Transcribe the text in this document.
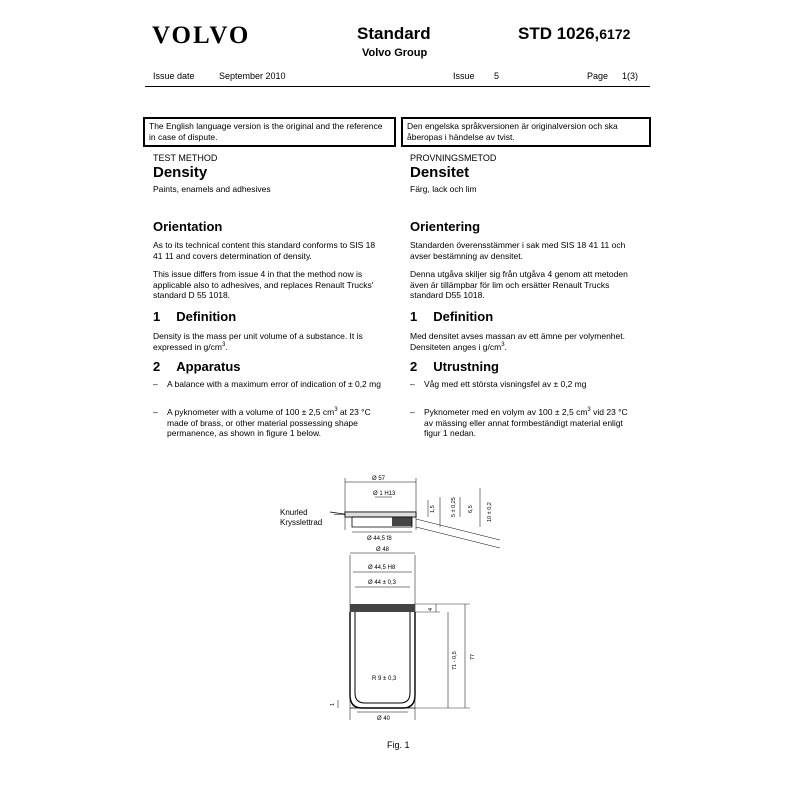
VOLVO	Standard
Volvo Group
STD 1026,6172
Issue date	September 2010	Issue 5	Page 1(3)
The English language version is the original and the reference in case of dispute.
Den engelska språkversionen är originalversion och ska åberopas i händelse av tvist.
TEST METHOD
Density
Paints, enamels and adhesives
Orientation

As to its technical content this standard conforms to SIS 18 41 11 and covers determination of density.

This issue differs from issue 4 in that the method now is applicable also to adhesives, and replaces Renault Trucks' standard D 55 1018.

1 Definition

Density is the mass per unit volume of a substance. It is expressed in $g/cm^3$.

2 Apparatus
– A balance with a maximum error of indication of ± 0,2 mg
– A pyknometer with a volume of 100 ± 2,5 $cm^3$ at 23 °C made of brass, or other material possessing shape permanence, as shown in figure 1 below.
PROVNINGSMETOD
Densitet
Färg, lack och lim
Orientering

Standarden överensstämmer i sak med SIS 18 41 11 och avser bestämning av densitet.

Denna utgåva skiljer sig från utgåva 4 genom att metoden även är tillämpbar för lim och ersätter Renault Trucks standard D55 1018.

1 Definition

Med densitet avses massan av ett ämne per volymenhet. Densiteten anges i $g/cm^3$.

2 Utrustning
– Våg med ett största visningsfel av ± 0,2 mg
– Pyknometer med en volym av 100 ± 2,5 $cm^3$ vid 23 °C av mässing eller annat formbeständigt material enligt figur 1 nedan.
Knurled
Krysslettrad
Ø 57
Ø 1 H13
Ø 44,5 f8
1,5	5 ± 0,25 6,5 10 ± 0,2
Ø 48
Ø 44,5 H8
Ø 44 ± 0,3
R 9 ± 0,3
Ø 40
4
71 - 0,5 77
1
Fig. 1
